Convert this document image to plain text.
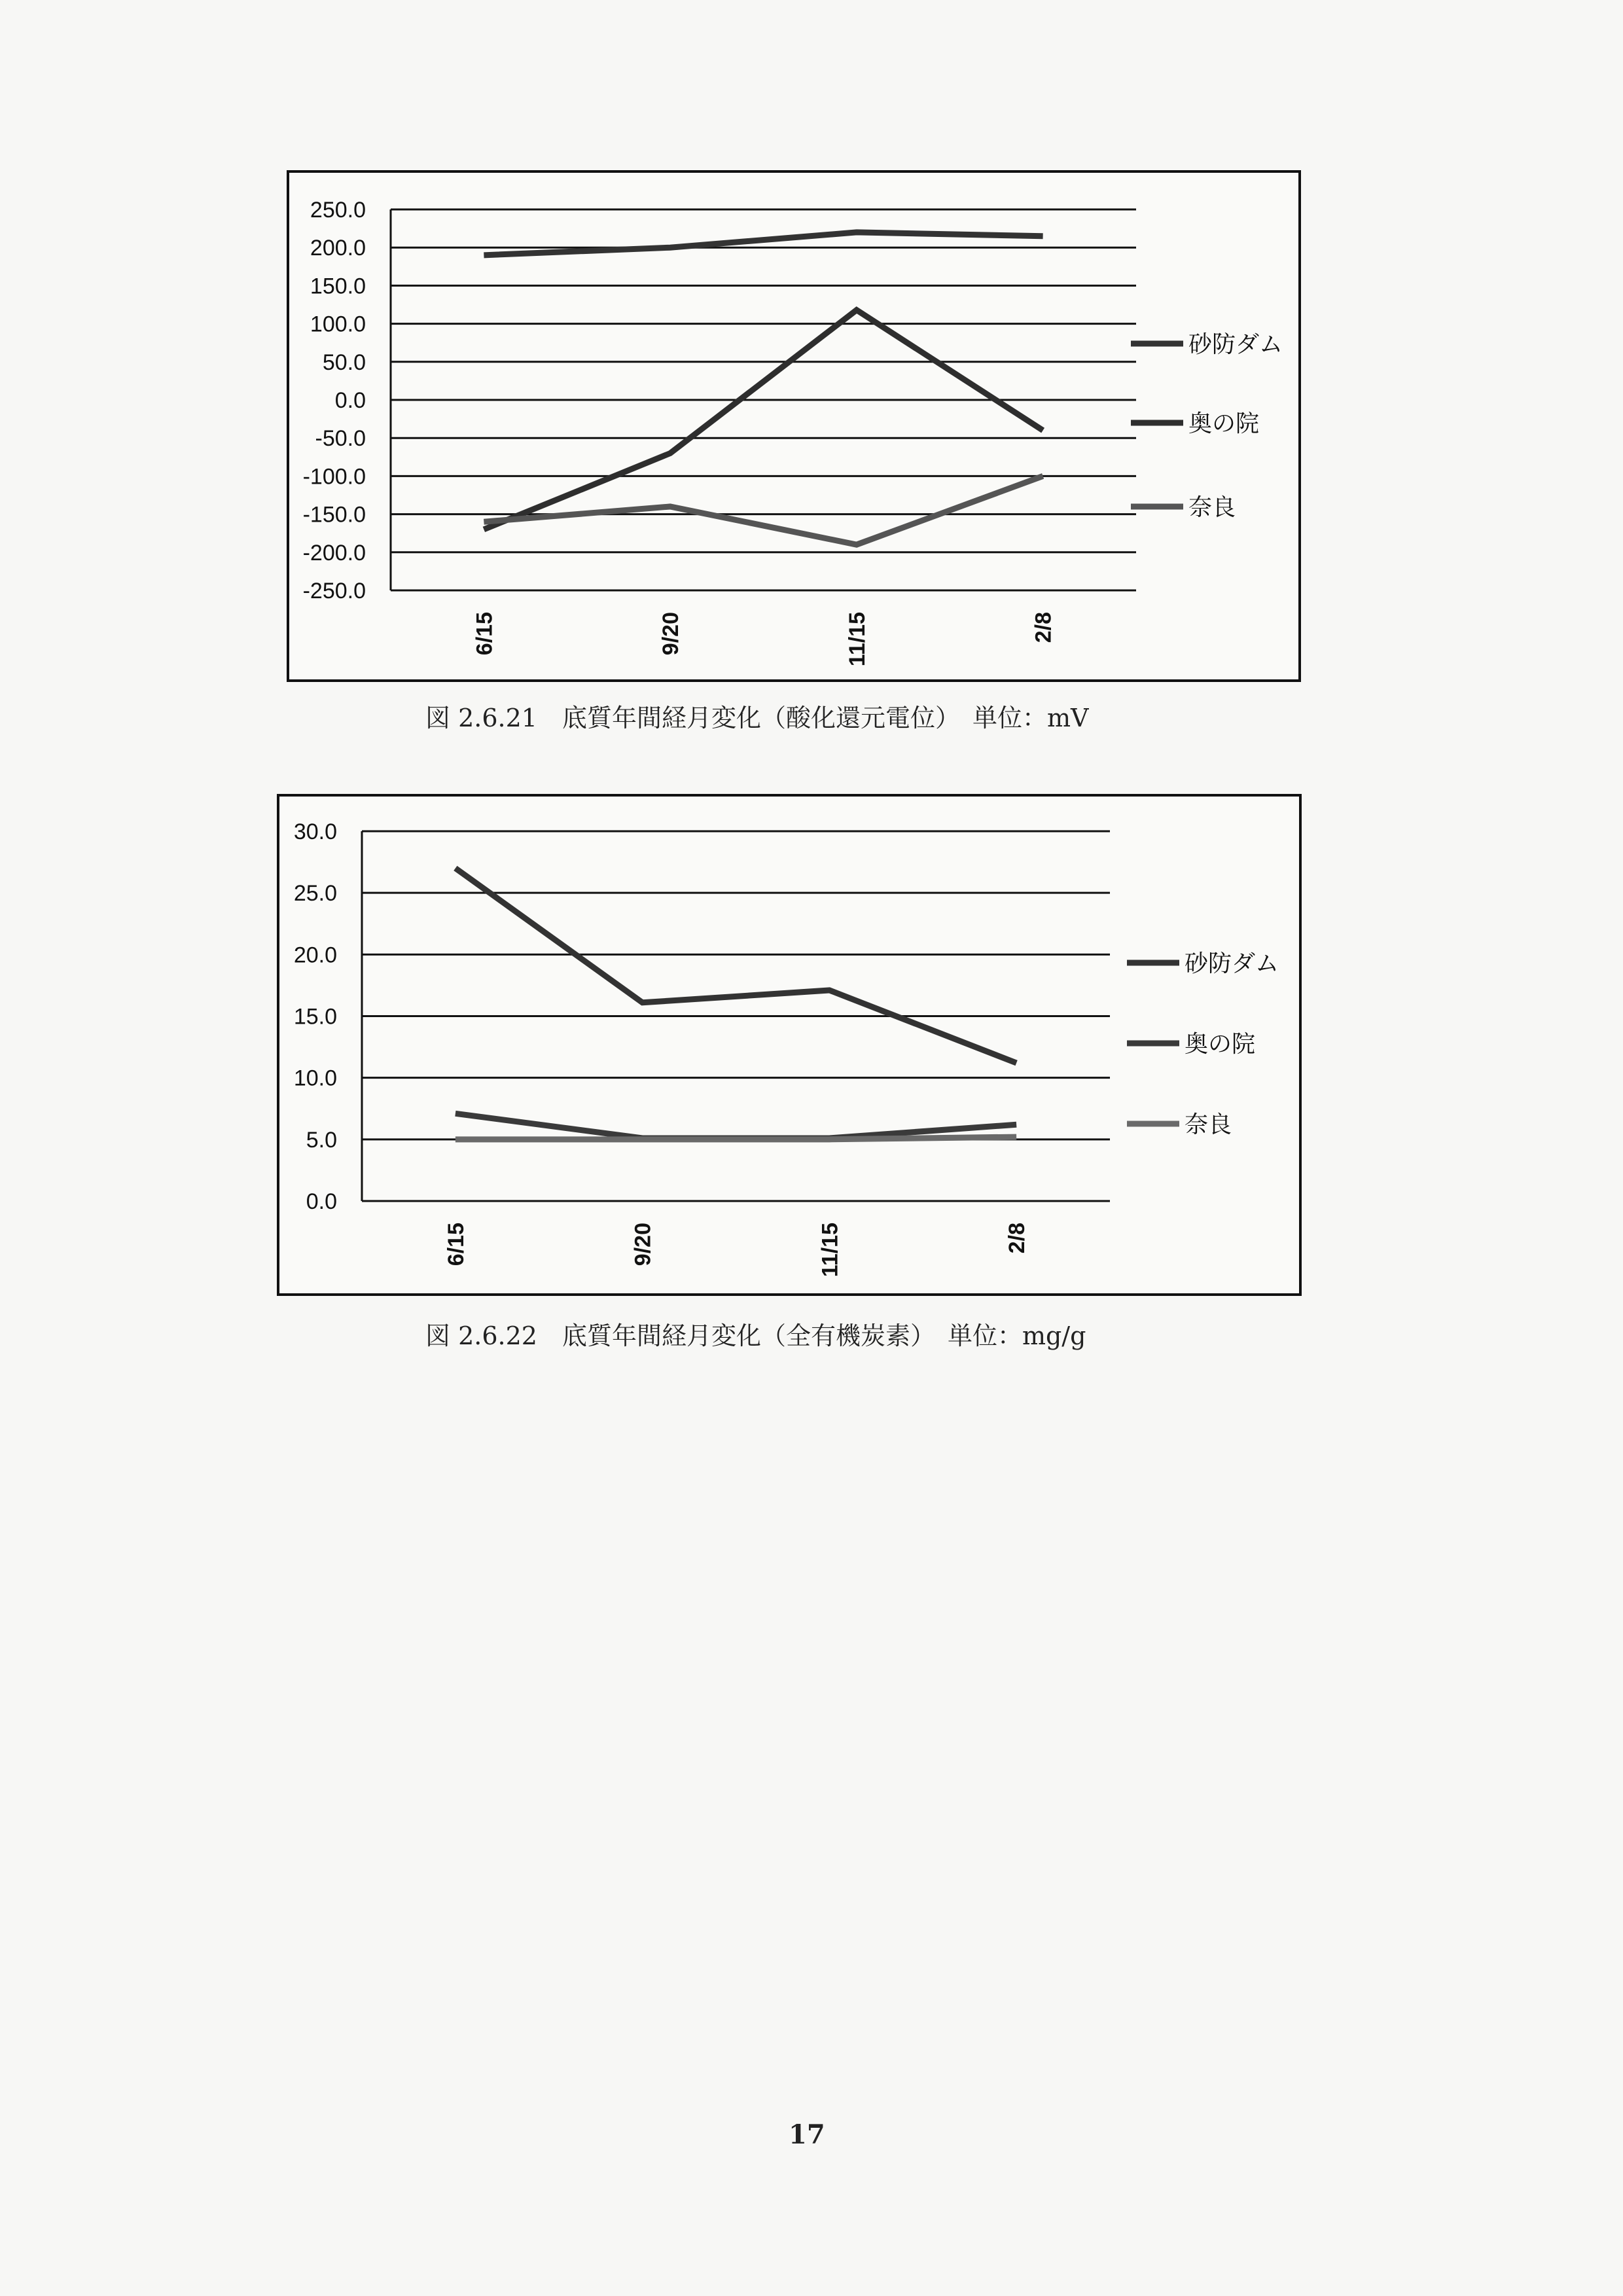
250.0
200.0
150.0
100.0
50.0
0.0
-50.0
-100.0
-150.0
-200.0
-250.0
6/15	9/20	11/15	2/8
砂防ダム
奥の院
奈良
30.0
25.0
20.0
15.0
10.0
5.0
0.0
6/15	9/20	11/15	2/8
砂防ダム
奥の院
奈良
図 2.6.21　底質年間経月変化（酸化還元電位）　単位：mV
図 2.6.22　底質年間経月変化（全有機炭素）　単位：mg/g
17
